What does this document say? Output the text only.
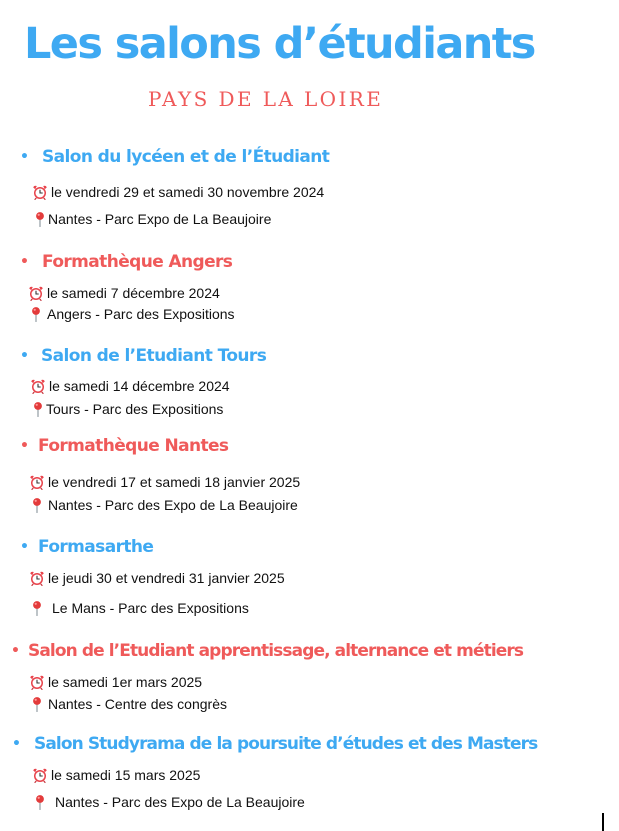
Les salons d’étudiants
PAYS DE LA LOIRE
• Salon du lycéen et de l’Étudiant
le vendredi 29 et samedi 30 novembre 2024
Nantes - Parc Expo de La Beaujoire
• Formathèque Angers
le samedi 7 décembre 2024
Angers - Parc des Expositions
• Salon de l’Etudiant Tours
le samedi 14 décembre 2024
Tours - Parc des Expositions
• Formathèque Nantes
le vendredi 17 et samedi 18 janvier 2025
Nantes - Parc des Expo de La Beaujoire
• Formasarthe
le jeudi 30 et vendredi 31 janvier 2025
Le Mans - Parc des Expositions
• Salon de l’Etudiant apprentissage, alternance et métiers
le samedi 1er mars 2025
Nantes - Centre des congrès
• Salon Studyrama de la poursuite d’études et des Masters
le samedi 15 mars 2025
Nantes - Parc des Expo de La Beaujoire
